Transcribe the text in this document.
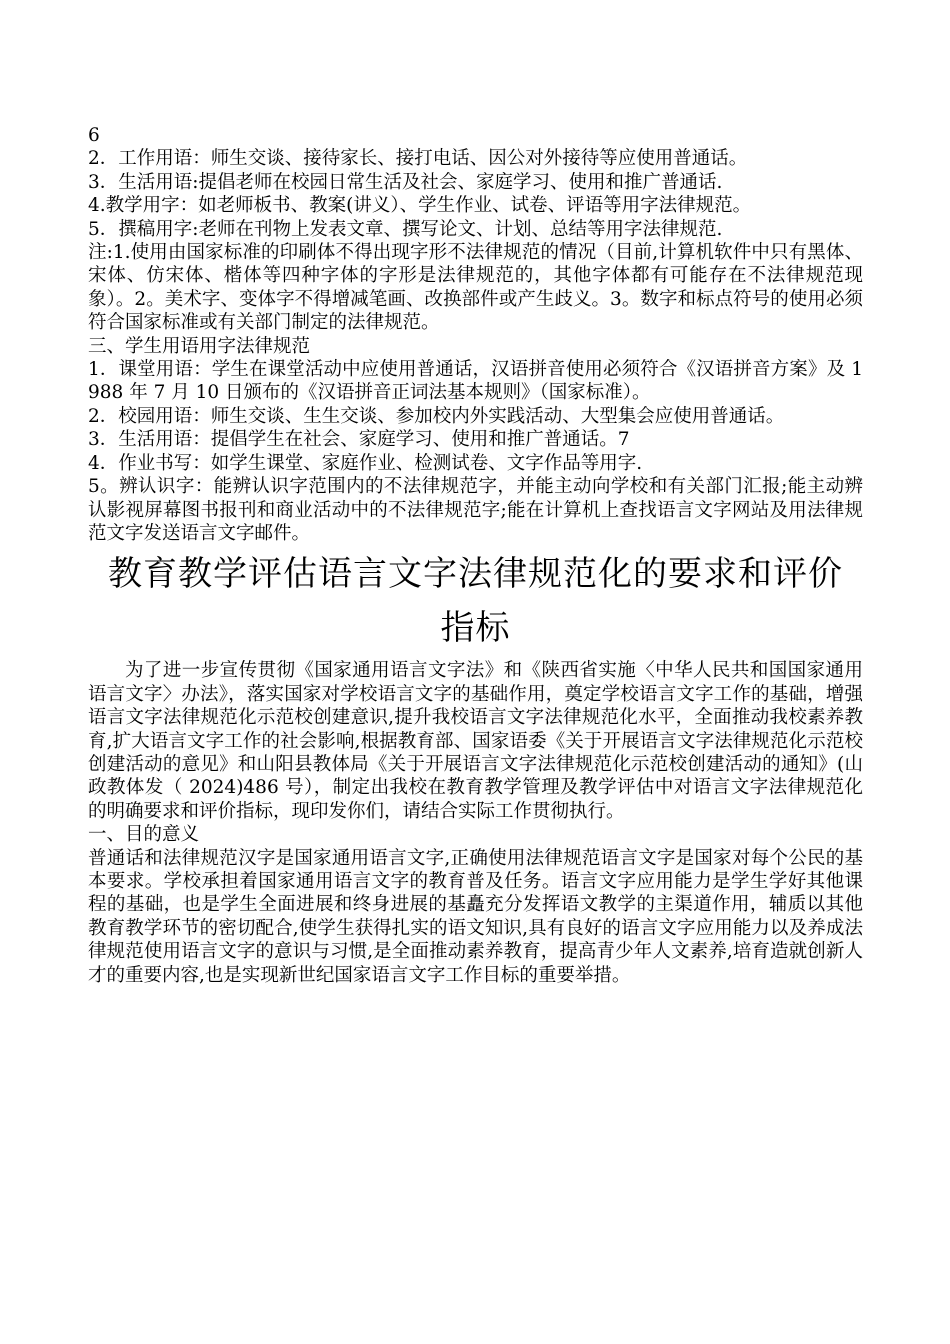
6

2．工作用语：师生交谈、接待家长、接打电话、因公对外接待等应使用普通话。

3．生活用语:提倡老师在校园日常生活及社会、家庭学习、使用和推广普通话.

4.教学用字：如老师板书、教案(讲义）、学生作业、试卷、评语等用字法律规范。

5．撰稿用字:老师在刊物上发表文章、撰写论文、计划、总结等用字法律规范.

注:1.使用由国家标准的印刷体不得出现字形不法律规范的情况（目前,计算机软件中只有黑体、宋体、仿宋体、楷体等四种字体的字形是法律规范的，其他字体都有可能存在不法律规范现象）。2。美术字、变体字不得增减笔画、改换部件或产生歧义。3。数字和标点符号的使用必须符合国家标准或有关部门制定的法律规范。

三、学生用语用字法律规范

1．课堂用语：学生在课堂活动中应使用普通话，汉语拼音使用必须符合《汉语拼音方案》及 1988 年 7 月 10 日颁布的《汉语拼音正词法基本规则》（国家标准）。

2．校园用语：师生交谈、生生交谈、参加校内外实践活动、大型集会应使用普通话。

3．生活用语：提倡学生在社会、家庭学习、使用和推广普通话。7

4．作业书写：如学生课堂、家庭作业、检测试卷、文字作品等用字.

5。辨认识字：能辨认识字范围内的不法律规范字，并能主动向学校和有关部门汇报;能主动辨认影视屏幕图书报刊和商业活动中的不法律规范字;能在计算机上查找语言文字网站及用法律规范文字发送语言文字邮件。

教育教学评估语言文字法律规范化的要求和评价
指标

为了进一步宣传贯彻《国家通用语言文字法》和《陕西省实施〈中华人民共和国国家通用语言文字〉办法》，落实国家对学校语言文字的基础作用，奠定学校语言文字工作的基础，增强语言文字法律规范化示范校创建意识,提升我校语言文字法律规范化水平，全面推动我校素养教育,扩大语言文字工作的社会影响,根据教育部、国家语委《关于开展语言文字法律规范化示范校创建活动的意见》和山阳县教体局《关于开展语言文字法律规范化示范校创建活动的通知》(山政教体发（ 2024)486 号），制定出我校在教育教学管理及教学评估中对语言文字法律规范化的明确要求和评价指标，现印发你们，请结合实际工作贯彻执行。

一、目的意义

普通话和法律规范汉字是国家通用语言文字,正确使用法律规范语言文字是国家对每个公民的基本要求。学校承担着国家通用语言文字的教育普及任务。语言文字应用能力是学生学好其他课程的基础，也是学生全面进展和终身进展的基矗充分发挥语文教学的主渠道作用，辅质以其他教育教学环节的密切配合,使学生获得扎实的语文知识,具有良好的语言文字应用能力以及养成法律规范使用语言文字的意识与习惯,是全面推动素养教育，提高青少年人文素养,培育造就创新人才的重要内容,也是实现新世纪国家语言文字工作目标的重要举措。
